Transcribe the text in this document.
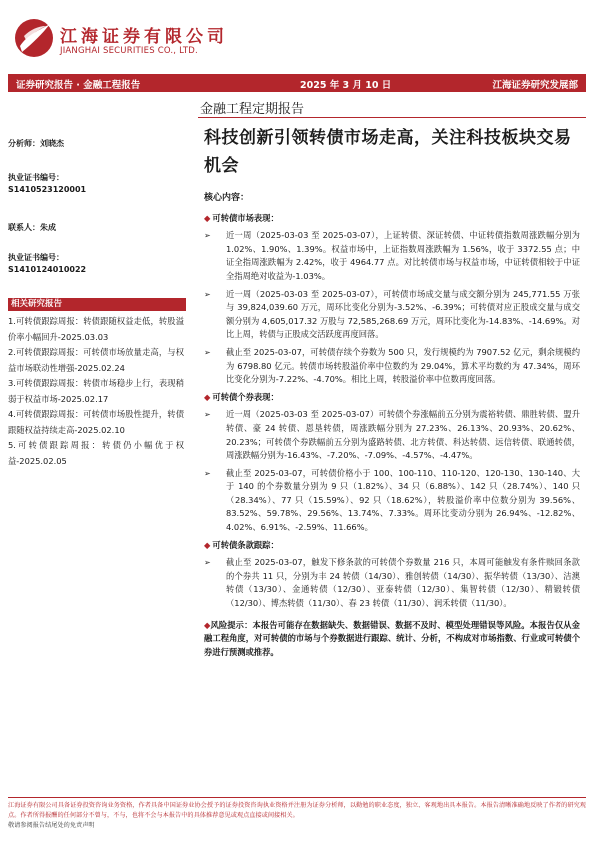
江海证券有限公司
JIANGHAI SECURITIES CO., LTD.
证券研究报告 · 金融工程报告	2025 年 3 月 10 日	江海证券研究发展部
金融工程定期报告
科技创新引领转债市场走高，关注科技板块交易机会
分析师：刘晓杰
执业证书编号：
S1410523120001
联系人：朱成
执业证书编号：
S1410124010022
相关研究报告
1.可转债跟踪周报：转债跟随权益走低，转股溢价率小幅回升-2025.03.03
2.可转债跟踪周报：可转债市场放量走高，与权益市场联动性增强-2025.02.24
3.可转债跟踪周报：转债市场稳步上行，表现稍弱于权益市场-2025.02.17
4.可转债跟踪周报：可转债市场股性提升，转债跟随权益持续走高-2025.02.10
5.可转债跟踪周报：转债仍小幅优于权益-2025.02.05
核心内容：
◆ 可转债市场表现：
➢ 近一周（2025-03-03 至 2025-03-07），上证转债、深证转债、中证转债指数周涨跌幅分别为 1.02%、1.90%、1.39%。权益市场中，上证指数周涨跌幅为 1.56%，收于 3372.55 点；中证全指周涨跌幅为 2.42%，收于 4964.77 点。对比转债市场与权益市场，中证转债相较于中证全指周绝对收益为-1.03%。
➢ 近一周（2025-03-03 至 2025-03-07），可转债市场成交量与成交额分别为 245,771.55 万张与 39,824,039.60 万元，周环比变化分别为-3.52%、-6.39%；可转债对应正股成交量与成交额分别为 4,605,017.32 万股与 72,585,268.69 万元，周环比变化为-14.83%、-14.69%。对比上周，转债与正股成交活跃度再度回落。
➢ 截止至 2025-03-07，可转债存续个券数为 500 只，发行规模约为 7907.52 亿元，剩余规模约为 6798.80 亿元。转债市场转股溢价率中位数约为 29.04%，算术平均数约为 47.34%，周环比变化分别为-7.22%、-4.70%。相比上周，转股溢价率中位数再度回落。
◆ 可转债个券表现：
➢ 近一周（2025-03-03 至 2025-03-07）可转债个券涨幅前五分别为震裕转债、鼎胜转债、盟升转债、豪 24 转债、恩垦转债，周涨跌幅分别为 27.23%、26.13%、20.93%、20.62%、20.23%；可转债个券跌幅前五分别为盛路转债、北方转债、科达转债、远信转债、联通转债，周涨跌幅分别为-16.43%、-7.20%、-7.09%、-4.57%、-4.47%。
➢ 截止至 2025-03-07，可转债价格小于 100、100-110、110-120、120-130、130-140、大于 140 的个券数量分别为 9 只（1.82%）、34 只（6.88%）、142 只（28.74%）、140 只（28.34%）、77 只（15.59%）、92 只（18.62%），转股溢价率中位数分别为 39.56%、83.52%、59.78%、29.56%、13.74%、7.33%。周环比变动分别为 26.94%、-12.82%、4.02%、6.91%、-2.59%、11.66%。
◆ 可转债条款跟踪：
➢ 截止至 2025-03-07，触发下修条款的可转债个券数量 216 只，本周可能触发有条件赎回条款的个券共 11 只，分别为丰 24 转债（14/30）、雅创转债（14/30）、振华转债（13/30）、洁澳转债（13/30）、金通转债（12/30）、亚泰转债（12/30）、集智转债（12/30）、精锻转债（12/30）、博杰转债（11/30）、春 23 转债（11/30）、润禾转债（11/30）。
◆风险提示：本报告可能存在数据缺失、数据错误、数据不及时、模型处理错误等风险。本报告仅从金融工程角度，对可转债的市场与个券数据进行跟踪、统计、分析，不构成对市场指数、行业或可转债个券进行预测或推荐。
江海证券有限公司具备证券投资咨询业务资格，作者具备中国证券业协会授予的证券投资咨询执业资格并注册为证券分析师，以勤勉的职业态度，独立、客观地出具本报告。本报告清晰准确地反映了作者的研究观点。作者所得报酬的任何部分不曾与，不与，也将不会与本报告中的具体推荐意见或观点直接或间接相关。
敬请参阅报告结尾处的免责声明
